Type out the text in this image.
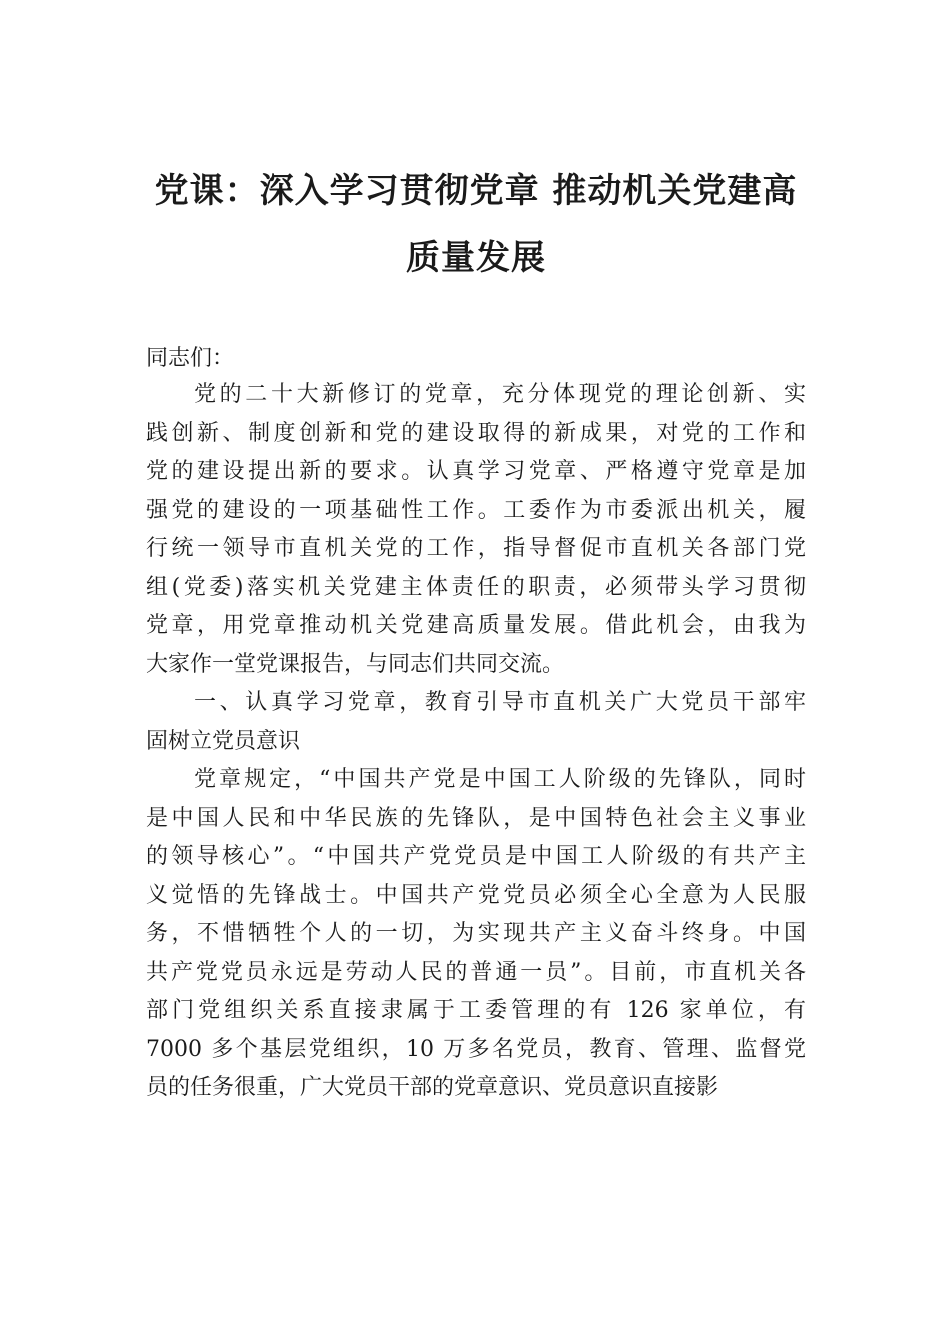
党课：深入学习贯彻党章 推动机关党建高
质量发展

同志们：

党的二十大新修订的党章，充分体现党的理论创新、实
践创新、制度创新和党的建设取得的新成果，对党的工作和
党的建设提出新的要求。认真学习党章、严格遵守党章是加
强党的建设的一项基础性工作。工委作为市委派出机关，履
行统一领导市直机关党的工作，指导督促市直机关各部门党
组(党委)落实机关党建主体责任的职责，必须带头学习贯彻
党章，用党章推动机关党建高质量发展。借此机会，由我为
大家作一堂党课报告，与同志们共同交流。
一、认真学习党章，教育引导市直机关广大党员干部牢
固树立党员意识
党章规定，“中国共产党是中国工人阶级的先锋队，同时
是中国人民和中华民族的先锋队，是中国特色社会主义事业
的领导核心”。“中国共产党党员是中国工人阶级的有共产主
义觉悟的先锋战士。中国共产党党员必须全心全意为人民服
务，不惜牺牲个人的一切，为实现共产主义奋斗终身。中国
共产党党员永远是劳动人民的普通一员”。目前，市直机关各
部门党组织关系直接隶属于工委管理的有 126 家单位，有
7000 多个基层党组织，10 万多名党员，教育、管理、监督党
员的任务很重，广大党员干部的党章意识、党员意识直接影
